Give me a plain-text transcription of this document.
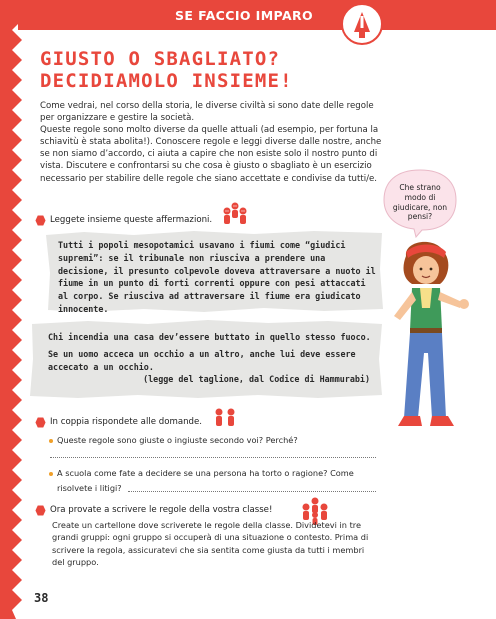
SE FACCIO IMPARO
GIUSTO O SBAGLIATO?
DECIDIAMOLO INSIEME!
Come vedrai, nel corso della storia, le diverse civiltà si sono date delle regole per organizzare e gestire la società.
Queste regole sono molto diverse da quelle attuali (ad esempio, per fortuna la schiavitù è stata abolita!). Conoscere regole e leggi diverse dalle nostre, anche se non siamo d’accordo, ci aiuta a capire che non esiste solo il nostro punto di vista. Discutere e confrontarsi su che cosa è giusto o sbagliato è un esercizio necessario per stabilire delle regole che siano accettate e condivise da tutti/e.
Che strano modo di giudicare, non pensi?
Leggete insieme queste affermazioni.
Tutti i popoli mesopotamici usavano i fiumi come “giudici supremi”: se il tribunale non riusciva a prendere una decisione, il presunto colpevole doveva attraversare a nuoto il fiume in un punto di forti correnti oppure con pesi attaccati al corpo. Se riusciva ad attraversare il fiume era giudicato innocente.
Chi incendia una casa dev’essere buttato in quello stesso fuoco.
Se un uomo acceca un occhio a un altro, anche lui deve essere accecato a un occhio.
(legge del taglione, dal Codice di Hammurabi)
In coppia rispondete alle domande.
Queste regole sono giuste o ingiuste secondo voi? Perché?
A scuola come fate a decidere se una persona ha torto o ragione? Come
risolvete i litigi?
Ora provate a scrivere le regole della vostra classe!
Create un cartellone dove scriverete le regole della classe. Dividetevi in tre grandi gruppi: ogni gruppo si occuperà di una situazione o contesto. Prima di scrivere la regola, assicuratevi che sia sentita come giusta da tutti i membri del gruppo.
38
